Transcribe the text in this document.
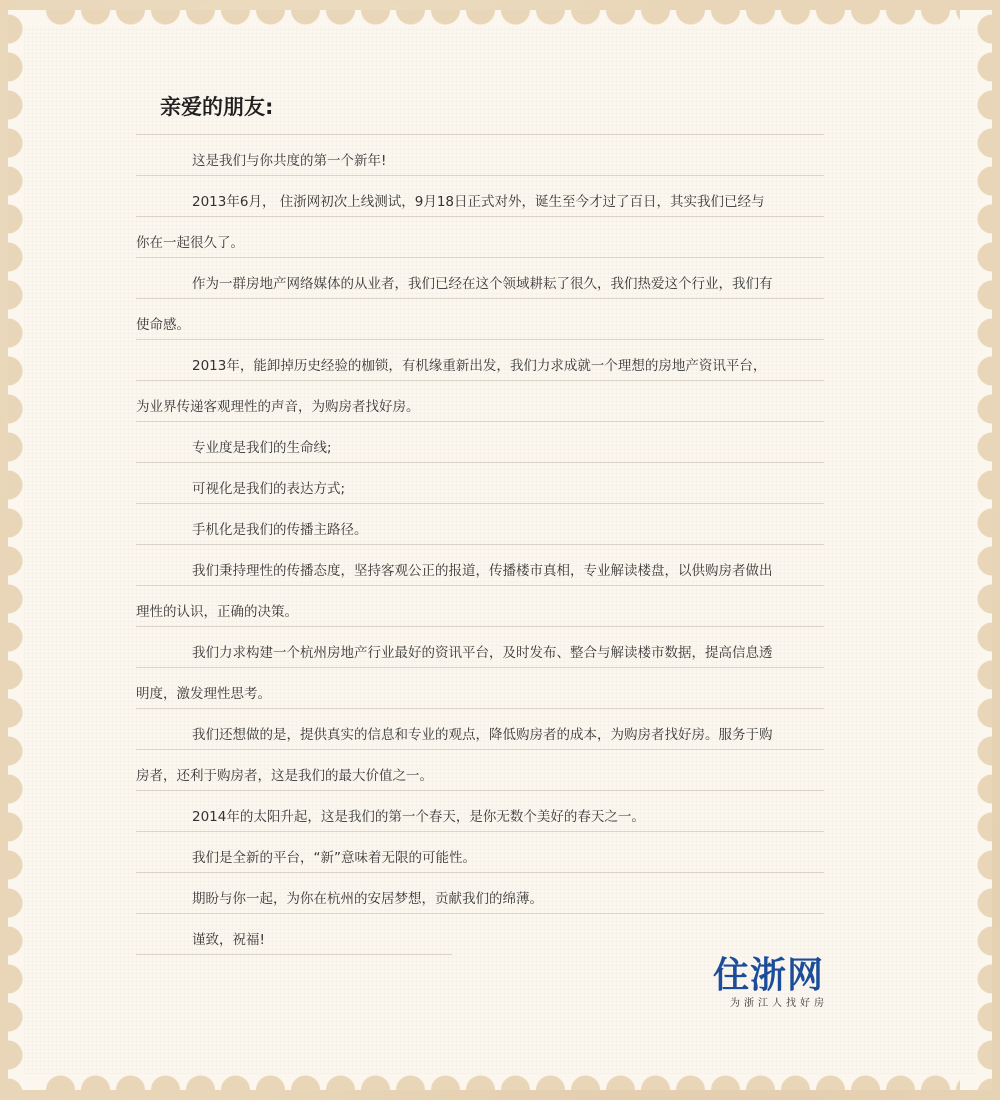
亲爱的朋友:
这是我们与你共度的第一个新年!
2013年6月， 住浙网初次上线测试，9月18日正式对外，诞生至今才过了百日，其实我们已经与
你在一起很久了。
作为一群房地产网络媒体的从业者，我们已经在这个领域耕耘了很久，我们热爱这个行业，我们有
使命感。
2013年，能卸掉历史经验的枷锁，有机缘重新出发，我们力求成就一个理想的房地产资讯平台，
为业界传递客观理性的声音，为购房者找好房。
专业度是我们的生命线;
可视化是我们的表达方式;
手机化是我们的传播主路径。
我们秉持理性的传播态度，坚持客观公正的报道，传播楼市真相，专业解读楼盘，以供购房者做出
理性的认识，正确的决策。
我们力求构建一个杭州房地产行业最好的资讯平台，及时发布、整合与解读楼市数据，提高信息透
明度，激发理性思考。
我们还想做的是，提供真实的信息和专业的观点，降低购房者的成本，为购房者找好房。服务于购
房者，还利于购房者，这是我们的最大价值之一。
2014年的太阳升起，这是我们的第一个春天，是你无数个美好的春天之一。
我们是全新的平台，“新”意味着无限的可能性。
期盼与你一起，为你在杭州的安居梦想，贡献我们的绵薄。
谨致，祝福!
住浙网
为浙江人找好房
